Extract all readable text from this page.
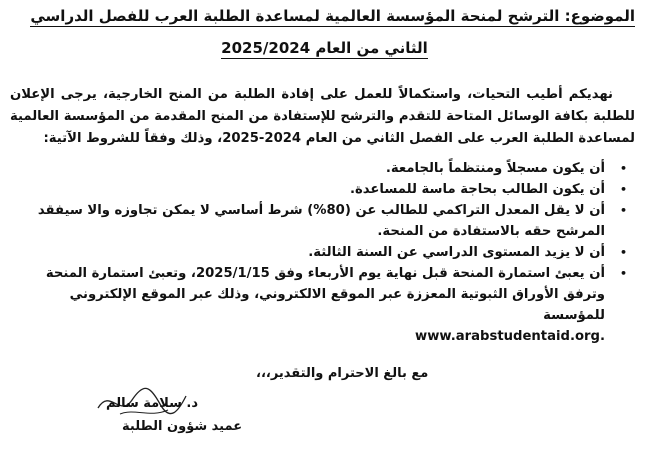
الموضوع: الترشح لمنحة المؤسسة العالمية لمساعدة الطلبة العرب للفصل الدراسي
الثاني من العام 2025/2024
نهديكم أطيب التحيات، واستكمالاً للعمل على إفادة الطلبة من المنح الخارجية، يرجى الإعلان للطلبة بكافة الوسائل المتاحة للتقدم والترشح للإستفادة من المنح المقدمة من المؤسسة العالمية لمساعدة الطلبة العرب على الفصل الثاني من العام 2024-2025، وذلك وفقاً للشروط الآتية:
•
أن يكون مسجلاً ومنتظماً بالجامعة.
•
أن يكون الطالب بحاجة ماسة للمساعدة.
•
أن لا يقل المعدل التراكمي للطالب عن (80%) شرط أساسي لا يمكن تجاوزه والا سيفقد المرشح حقه بالاستفادة من المنحة.
•
أن لا يزيد المستوى الدراسي عن السنة الثالثة.
•
أن يعبئ استمارة المنحة قبل نهاية يوم الأربعاء وفق 2025/1/15، وتعبئ استمارة المنحة وترفق الأوراق الثبوتية المعززة عبر الموقع الالكتروني، وذلك عبر الموقع الإلكتروني للمؤسسة
www.arabstudentaid.org.
مع بالغ الاحترام والتقدير،،،
د. سلامة سالم
عميد شؤون الطلبة
